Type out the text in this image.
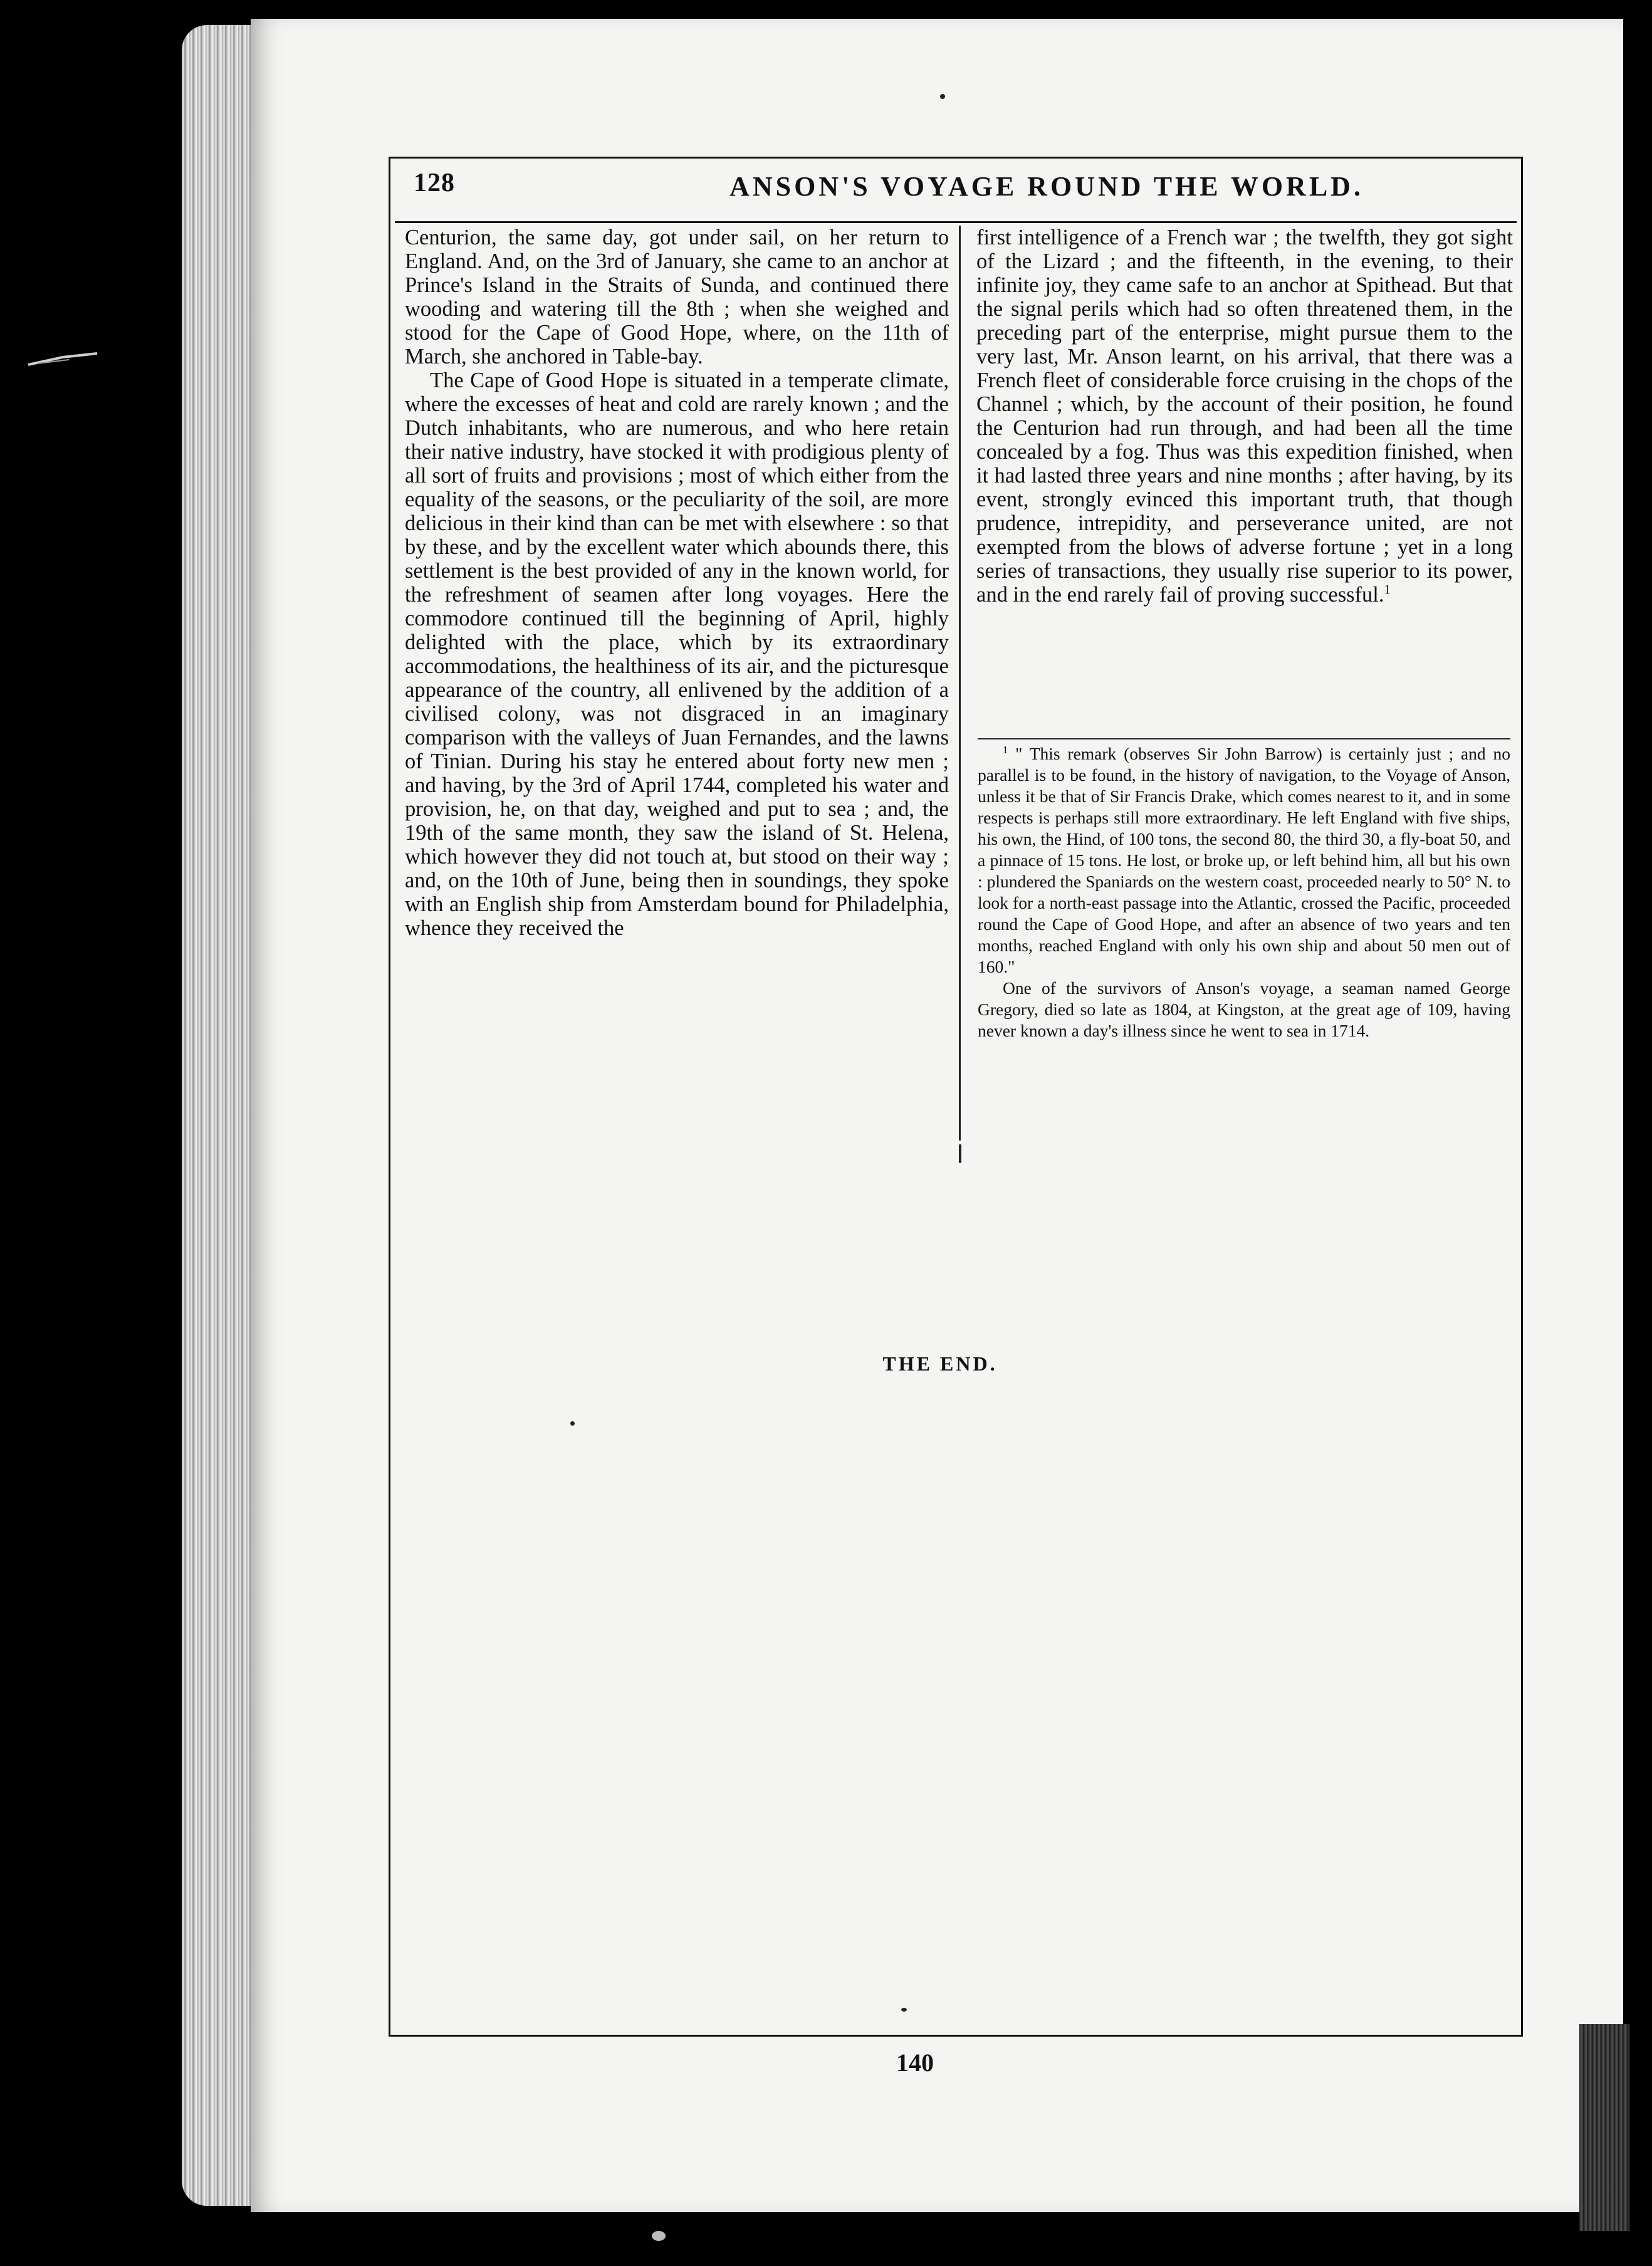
128	ANSON'S VOYAGE ROUND THE WORLD.

Centurion, the same day, got under sail, on her return to England. And, on the 3rd of January, she came to an anchor at Prince's Island in the Straits of Sunda, and continued there wooding and watering till the 8th ; when she weighed and stood for the Cape of Good Hope, where, on the 11th of March, she anchored in Table-bay.

The Cape of Good Hope is situated in a temperate climate, where the excesses of heat and cold are rarely known ; and the Dutch inhabitants, who are numerous, and who here retain their native industry, have stocked it with prodigious plenty of all sort of fruits and provisions ; most of which either from the equality of the seasons, or the peculiarity of the soil, are more delicious in their kind than can be met with elsewhere : so that by these, and by the excellent water which abounds there, this settlement is the best provided of any in the known world, for the refreshment of seamen after long voyages. Here the commodore continued till the beginning of April, highly delighted with the place, which by its extraordinary accommodations, the healthiness of its air, and the picturesque appearance of the country, all enlivened by the addition of a civilised colony, was not disgraced in an imaginary comparison with the valleys of Juan Fernandes, and the lawns of Tinian. During his stay he entered about forty new men ; and having, by the 3rd of April 1744, completed his water and provision, he, on that day, weighed and put to sea ; and, the 19th of the same month, they saw the island of St. Helena, which however they did not touch at, but stood on their way ; and, on the 10th of June, being then in soundings, they spoke with an English ship from Amsterdam bound for Philadelphia, whence they received the

first intelligence of a French war ; the twelfth, they got sight of the Lizard ; and the fifteenth, in the evening, to their infinite joy, they came safe to an anchor at Spithead. But that the signal perils which had so often threatened them, in the preceding part of the enterprise, might pursue them to the very last, Mr. Anson learnt, on his arrival, that there was a French fleet of considerable force cruising in the chops of the Channel ; which, by the account of their position, he found the Centurion had run through, and had been all the time concealed by a fog. Thus was this expedition finished, when it had lasted three years and nine months ; after having, by its event, strongly evinced this important truth, that though prudence, intrepidity, and perseverance united, are not exempted from the blows of adverse fortune ; yet in a long series of transactions, they usually rise superior to its power, and in the end rarely fail of proving successful.$^1$

$^1$ " This remark (observes Sir John Barrow) is certainly just ; and no parallel is to be found, in the history of navigation, to the Voyage of Anson, unless it be that of Sir Francis Drake, which comes nearest to it, and in some respects is perhaps still more extraordinary. He left England with five ships, his own, the Hind, of 100 tons, the second 80, the third 30, a fly-boat 50, and a pinnace of 15 tons. He lost, or broke up, or left behind him, all but his own : plundered the Spaniards on the western coast, proceeded nearly to 50° N. to look for a north-east passage into the Atlantic, crossed the Pacific, proceeded round the Cape of Good Hope, and after an absence of two years and ten months, reached England with only his own ship and about 50 men out of 160."

One of the survivors of Anson's voyage, a seaman named George Gregory, died so late as 1804, at Kingston, at the great age of 109, having never known a day's illness since he went to sea in 1714.

THE END.
140
